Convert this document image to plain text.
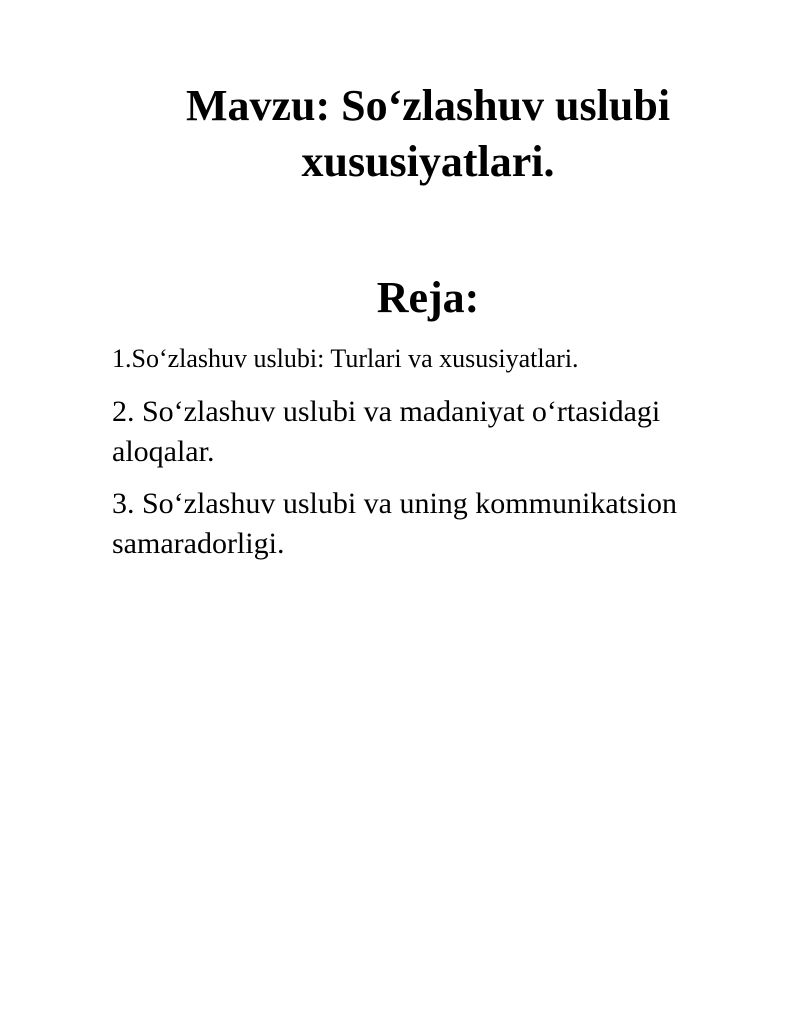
Mavzu: So‘zlashuv uslubi
xususiyatlari.
Reja:
1.So‘zlashuv uslubi: Turlari va xususiyatlari.
2. So‘zlashuv uslubi va madaniyat o‘rtasidagi aloqalar.
3. So‘zlashuv uslubi va uning kommunikatsion samaradorligi.
